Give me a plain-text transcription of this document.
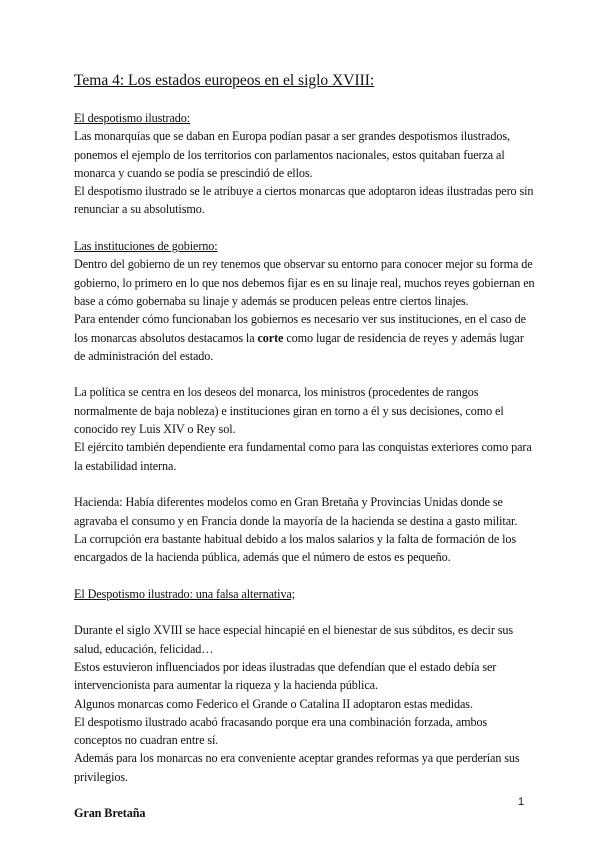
Tema 4: Los estados europeos en el siglo XVIII:

El despotismo ilustrado:

Las monarquías que se daban en Europa podían pasar a ser grandes despotismos ilustrados, ponemos el ejemplo de los territorios con parlamentos nacionales, estos quitaban fuerza al monarca y cuando se podía se prescindió de ellos.

El despotismo ilustrado se le atribuye a ciertos monarcas que adoptaron ideas ilustradas pero sin renunciar a su absolutismo.

Las instituciones de gobierno:

Dentro del gobierno de un rey tenemos que observar su entorno para conocer mejor su forma de gobierno, lo primero en lo que nos debemos fijar es en su linaje real, muchos reyes gobiernan en base a cómo gobernaba su linaje y además se producen peleas entre ciertos linajes.

Para entender cómo funcionaban los gobiernos es necesario ver sus instituciones, en el caso de los monarcas absolutos destacamos la corte como lugar de residencia de reyes y además lugar de administración del estado.

La política se centra en los deseos del monarca, los ministros (procedentes de rangos normalmente de baja nobleza) e instituciones giran en torno a él y sus decisiones, como el conocido rey Luis XIV o Rey sol.

El ejército también dependiente era fundamental como para las conquistas exteriores como para la estabilidad interna.

Hacienda: Había diferentes modelos como en Gran Bretaña y Provincias Unidas donde se agravaba el consumo y en Francia donde la mayoría de la hacienda se destina a gasto militar.

La corrupción era bastante habitual debido a los malos salarios y la falta de formación de los encargados de la hacienda pública, además que el número de estos es pequeño.

El Despotismo ilustrado: una falsa alternativa;

Durante el siglo XVIII se hace especial hincapié en el bienestar de sus súbditos, es decir sus salud, educación, felicidad…

Estos estuvieron influenciados por ideas ilustradas que defendían que el estado debía ser intervencionista para aumentar la riqueza y la hacienda pública.

Algunos monarcas como Federico el Grande o Catalina II adoptaron estas medidas.

El despotismo ilustrado acabó fracasando porque era una combinación forzada, ambos conceptos no cuadran entre sí.

Además para los monarcas no era conveniente aceptar grandes reformas ya que perderían sus privilegios.

Gran Bretaña

1
